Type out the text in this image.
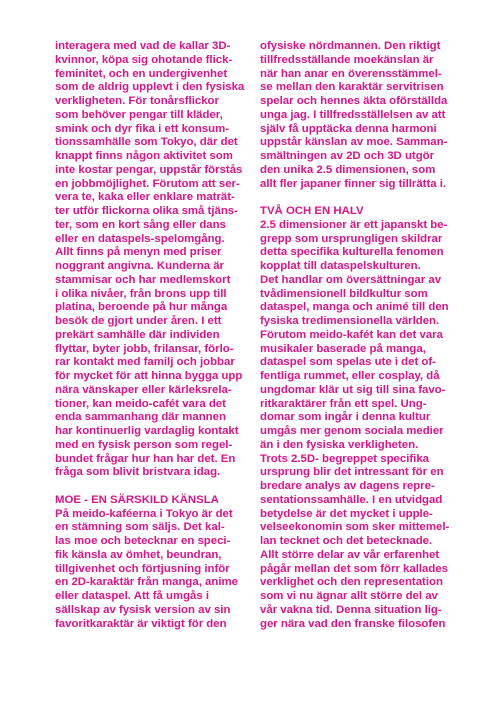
interagera med vad de kallar 3D-
kvinnor, köpa sig ohotande flick-
feminitet, och en undergivenhet
som de aldrig upplevt i den fysiska
verkligheten. För tonårsflickor
som behöver pengar till kläder,
smink och dyr fika i ett konsum-
tionssamhälle som Tokyo, där det
knappt finns någon aktivitet som
inte kostar pengar, uppstår förstås
en jobbmöjlighet. Förutom att ser-
vera te, kaka eller enklare maträt-
ter utför flickorna olika små tjäns-
ter, som en kort sång eller dans
eller en dataspels-spelomgång.
Allt finns på menyn med priser
noggrant angivna. Kunderna är
stammisar och har medlemskort
i olika nivåer, från brons upp till
platina, beroende på hur många
besök de gjort under åren. I ett
prekärt samhälle där individen
flyttar, byter jobb, frilansar, förlo-
rar kontakt med familj och jobbar
för mycket för att hinna bygga upp
nära vänskaper eller kärleksrela-
tioner, kan meido-cafét vara det
enda sammanhang där mannen
har kontinuerlig vardaglig kontakt
med en fysisk person som regel-
bundet frågar hur han har det. En
fråga som blivit bristvara idag.
MOE - EN SÄRSKILD KÄNSLA
På meido-kaféerna i Tokyo är det
en stämning som säljs. Det kal-
las moe och betecknar en speci-
fik känsla av ömhet, beundran,
tillgivenhet och förtjusning inför
en 2D-karaktär från manga, anime
eller dataspel. Att få umgås i
sällskap av fysisk version av sin
favoritkaraktär är viktigt för den
ofysiske nördmannen. Den riktigt
tillfredsställande moekänslan är
när han anar en överensstämmel-
se mellan den karaktär servitrisen
spelar och hennes äkta oförställda
unga jag. I tillfredsställelsen av att
själv få upptäcka denna harmoni
uppstår känslan av moe. Samman-
smältningen av 2D och 3D utgör
den unika 2.5 dimensionen, som
allt fler japaner finner sig tillrätta i.
TVÅ OCH EN HALV
2.5 dimensioner är ett japanskt be-
grepp som ursprungligen skildrar
detta specifika kulturella fenomen
kopplat till dataspelskulturen.
Det handlar om översättningar av
tvådimensionell bildkultur som
dataspel, manga och animé till den
fysiska tredimensionella världen.
Förutom meido-kafét kan det vara
musikaler baserade på manga,
dataspel som spelas ute i det of-
fentliga rummet, eller cosplay, då
ungdomar klär ut sig till sina favo-
ritkaraktärer från ett spel. Ung-
domar som ingår i denna kultur
umgås mer genom sociala medier
än i den fysiska verkligheten.
Trots 2.5D- begreppet specifika
ursprung blir det intressant för en
bredare analys av dagens repre-
sentationssamhälle. I en utvidgad
betydelse är det mycket i upple-
velseekonomin som sker mittemel-
lan tecknet och det betecknade.
Allt större delar av vår erfarenhet
pågår mellan det som förr kallades
verklighet och den representation
som vi nu ägnar allt större del av
vår vakna tid. Denna situation lig-
ger nära vad den franske filosofen
